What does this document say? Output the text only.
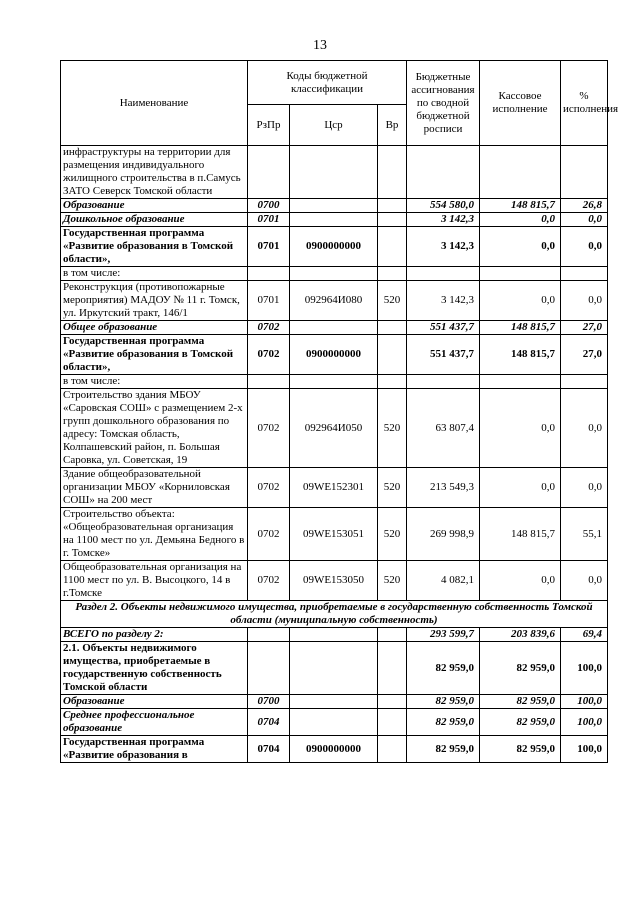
13
Наименование	Коды бюджетной классификации			Бюджетные ассигнования по сводной бюджетной росписи	Кассовое исполнение	% исполнения
	РзПр	Цср	Вр			
инфраструктуры на территории для размещения индивидуального жилищного строительства в п.Самусь ЗАТО Северск Томской области						
Образование	0700			554 580,0	148 815,7	26,8
Дошкольное образование	0701			3 142,3	0,0	0,0
Государственная программа «Развитие образования в Томской области»,	0701	0900000000		3 142,3	0,0	0,0
в том числе:						
Реконструкция (противопожарные мероприятия) МАДОУ № 11 г. Томск, ул. Иркутский тракт, 146/1	0701	092964И080	520	3 142,3	0,0	0,0
Общее образование	0702			551 437,7	148 815,7	27,0
Государственная программа «Развитие образования в Томской области»,	0702	0900000000		551 437,7	148 815,7	27,0
в том числе:						
Строительство здания МБОУ «Саровская СОШ» с размещением 2-х групп дошкольного образования по адресу: Томская область, Колпашевский район, п. Большая Саровка, ул. Советская, 19	0702	092964И050	520	63 807,4	0,0	0,0
Здание общеобразовательной организации МБОУ «Корниловская СОШ» на 200 мест	0702	09WE152301	520	213 549,3	0,0	0,0
Строительство объекта: «Общеобразовательная организация на 1100 мест по ул. Демьяна Бедного в г. Томске»	0702	09WE153051	520	269 998,9	148 815,7	55,1
Общеобразовательная организация на 1100 мест по ул. В. Высоцкого, 14 в г.Томске	0702	09WE153050	520	4 082,1	0,0	0,0
Раздел 2. Объекты недвижимого имущества, приобретаемые в государственную собственность Томской области (муниципальную собственность)						
ВСЕГО по разделу 2:				293 599,7	203 839,6	69,4
2.1. Объекты недвижимого имущества, приобретаемые в государственную собственность Томской области				82 959,0	82 959,0	100,0
Образование	0700			82 959,0	82 959,0	100,0
Среднее профессиональное образование	0704			82 959,0	82 959,0	100,0
Государственная программа «Развитие образования в	0704	0900000000		82 959,0	82 959,0	100,0
